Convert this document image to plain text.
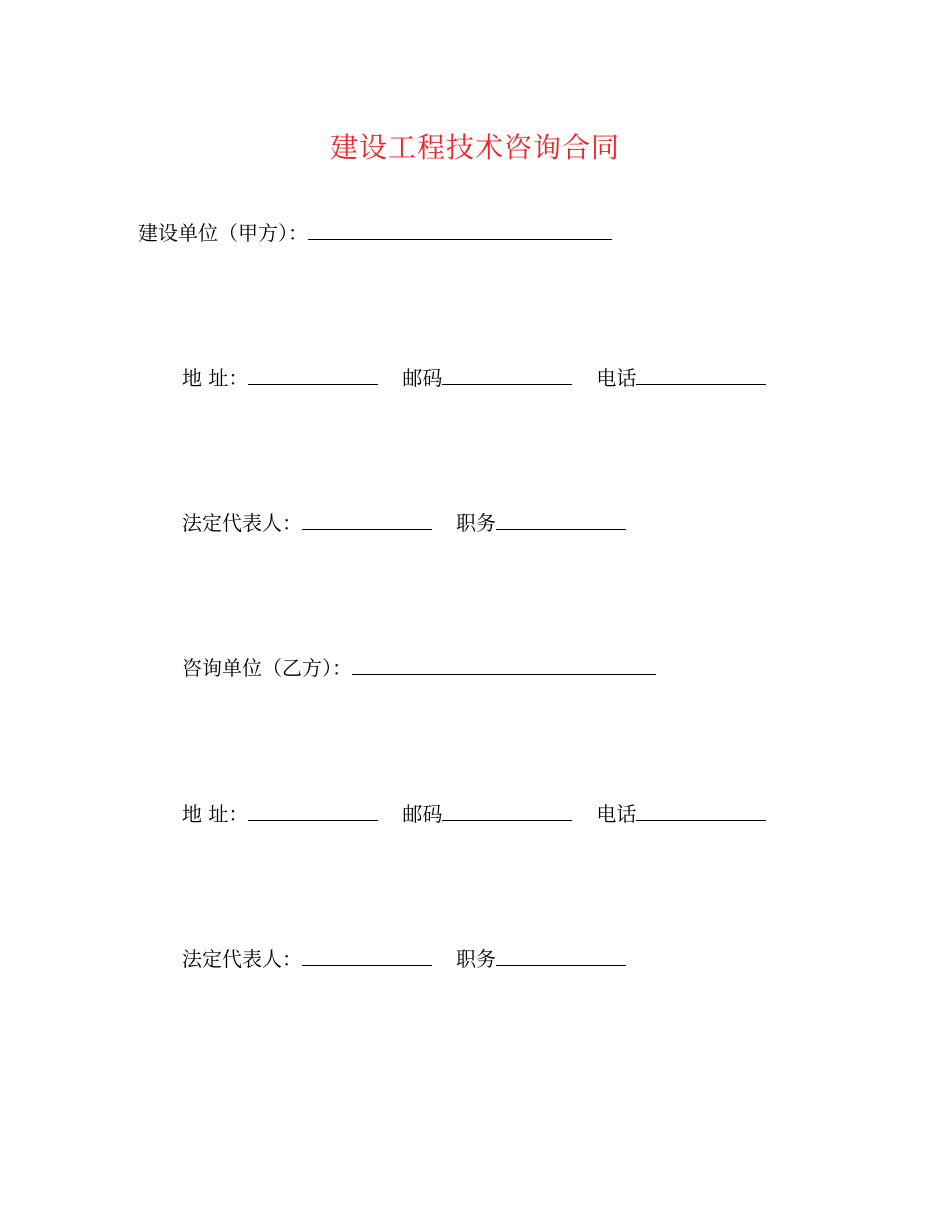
建设工程技术咨询合同
建设单位（甲方）：
地 址：	邮码	电话
法定代表人：	职务
咨询单位（乙方）：
地 址：	邮码	电话
法定代表人：	职务
